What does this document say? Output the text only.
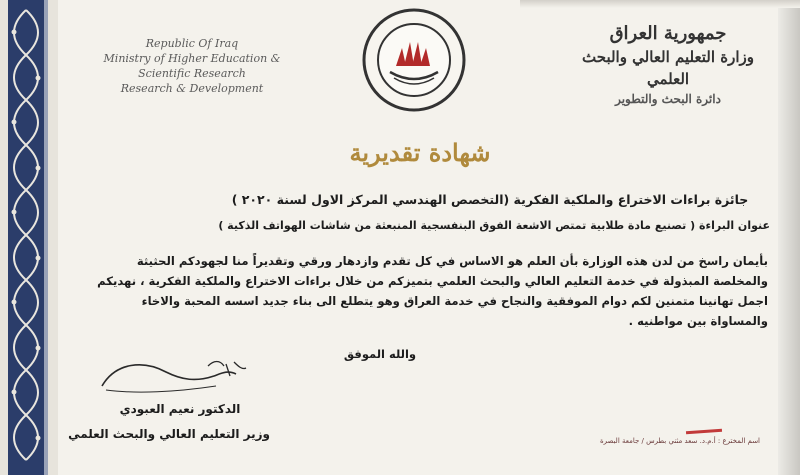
Republic Of Iraq
Ministry of Higher Education &
Scientific Research
Research & Development
جمهورية العراق
وزارة التعليم العالي والبحث العلمي
دائرة البحث والتطوير
شهادة تقديرية
جائزة براءات الاختراع والملكية الفكرية (التخصص الهندسي المركز الاول لسنة ٢٠٢٠ )
عنوان البراءة ( تصنيع مادة طلابية تمتص الاشعة الفوق البنفسجية المنبعثة من شاشات الهواتف الذكية )
بأيمان راسخ من لدن هذه الوزارة بأن العلم هو الاساس في كل تقدم وازدهار ورقي وتقديراً منا لجهودكم الحثيثة
والمخلصة المبذولة في خدمة التعليم العالي والبحث العلمي بتميزكم من خلال براءات الاختراع والملكية الفكرية ، نهديكم
اجمل تهانينا متمنين لكم دوام الموفقية والنجاح في خدمة العراق وهو يتطلع الى بناء جديد اسسه المحبة والاخاء
والمساواة بين مواطنيه .
والله الموفق
الدكتور نعيم العبودي
وزير التعليم العالي والبحث العلمي	اسم المخترع : أ.م.د. سعد مثني بطرس / جامعة البصرة
